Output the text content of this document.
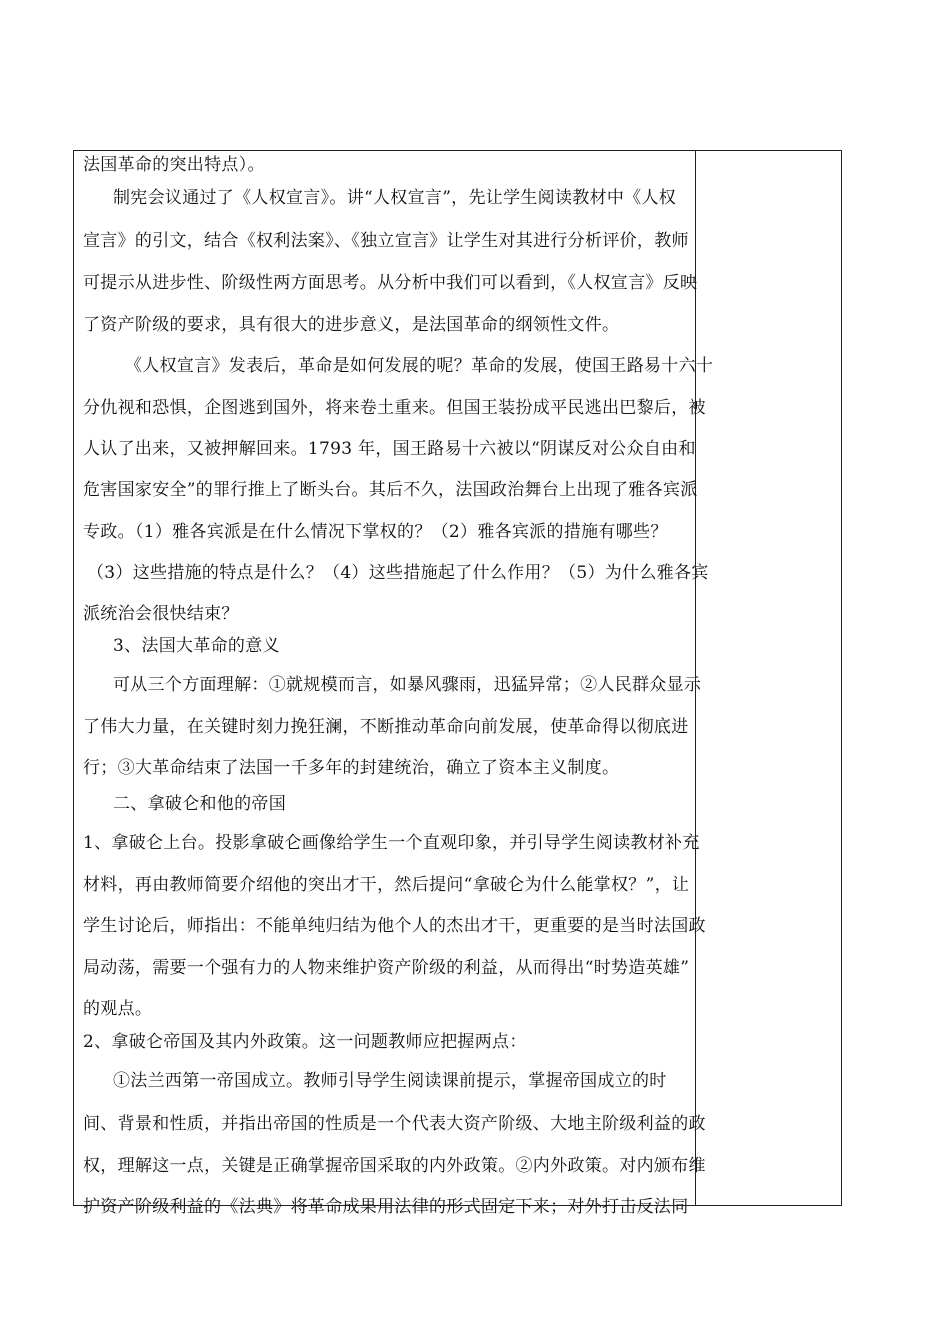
法国革命的突出特点）。
制宪会议通过了《人权宣言》。讲“人权宣言”，先让学生阅读教材中《人权
宣言》的引文，结合《权利法案》、《独立宣言》让学生对其进行分析评价，教师
可提示从进步性、阶级性两方面思考。从分析中我们可以看到，《人权宣言》反映
了资产阶级的要求，具有很大的进步意义，是法国革命的纲领性文件。
《人权宣言》发表后，革命是如何发展的呢？革命的发展，使国王路易十六十
分仇视和恐惧，企图逃到国外，将来卷土重来。但国王装扮成平民逃出巴黎后，被
人认了出来，又被押解回来。1793 年，国王路易十六被以“阴谋反对公众自由和
危害国家安全”的罪行推上了断头台。其后不久，法国政治舞台上出现了雅各宾派
专政。（1）雅各宾派是在什么情况下掌权的？（2）雅各宾派的措施有哪些？
（3）这些措施的特点是什么？（4）这些措施起了什么作用？（5）为什么雅各宾
派统治会很快结束？
3、法国大革命的意义
可从三个方面理解：①就规模而言，如暴风骤雨，迅猛异常；②人民群众显示
了伟大力量，在关键时刻力挽狂澜，不断推动革命向前发展，使革命得以彻底进
行；③大革命结束了法国一千多年的封建统治，确立了资本主义制度。
二、拿破仑和他的帝国
1、拿破仑上台。投影拿破仑画像给学生一个直观印象，并引导学生阅读教材补充
材料，再由教师简要介绍他的突出才干，然后提问“拿破仑为什么能掌权？”，让
学生讨论后，师指出：不能单纯归结为他个人的杰出才干，更重要的是当时法国政
局动荡，需要一个强有力的人物来维护资产阶级的利益，从而得出“时势造英雄”
的观点。
2、拿破仑帝国及其内外政策。这一问题教师应把握两点：
①法兰西第一帝国成立。教师引导学生阅读课前提示，掌握帝国成立的时
间、背景和性质，并指出帝国的性质是一个代表大资产阶级、大地主阶级利益的政
权，理解这一点，关键是正确掌握帝国采取的内外政策。②内外政策。对内颁布维
护资产阶级利益的《法典》将革命成果用法律的形式固定下来；对外打击反法同
